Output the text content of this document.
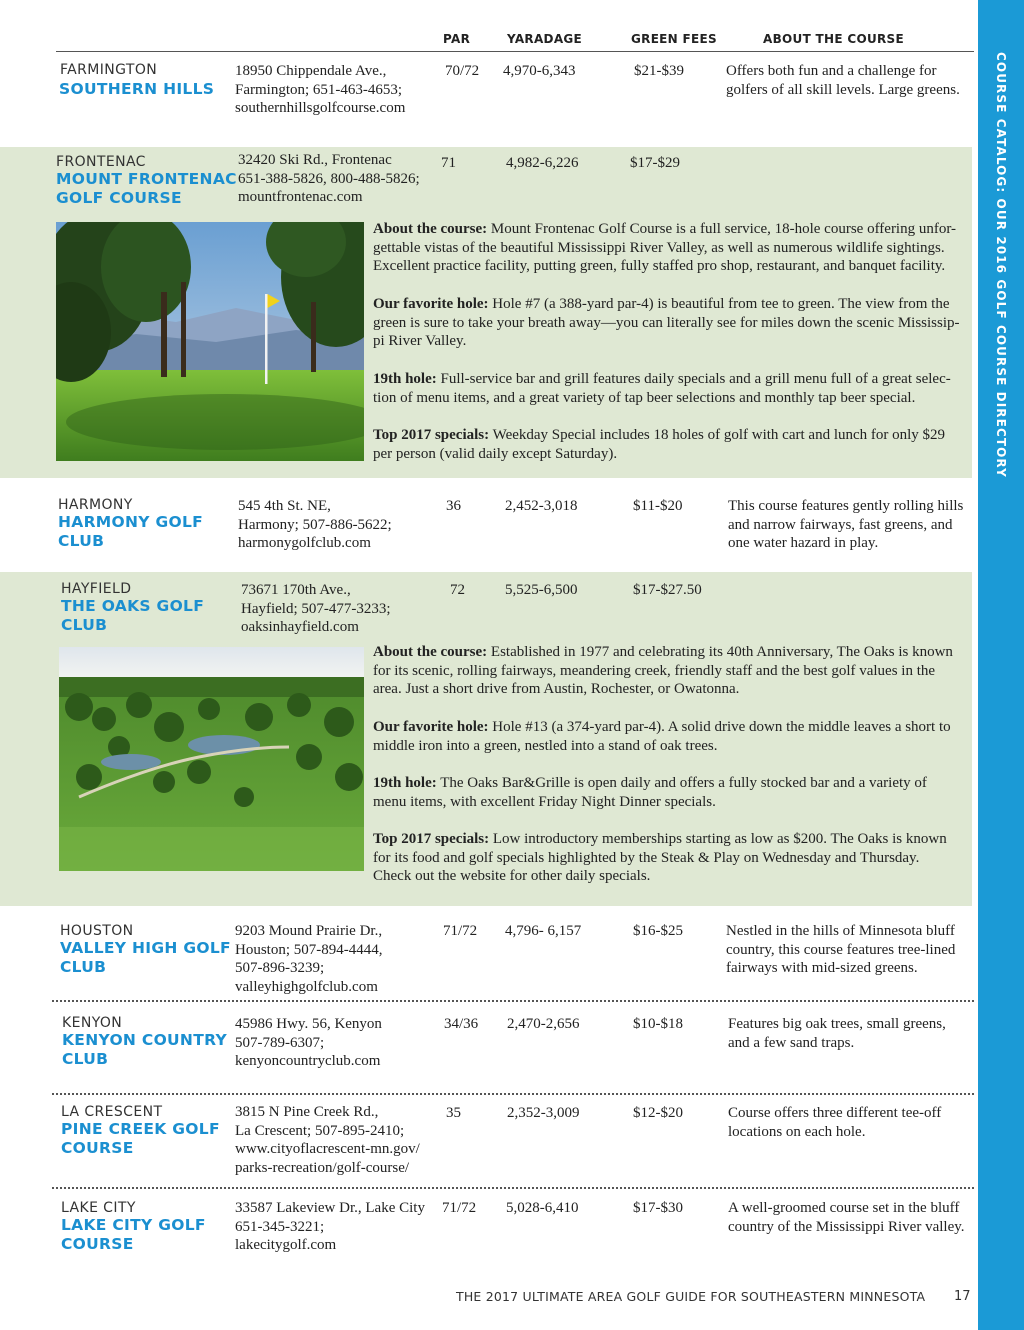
COURSE CATALOG: OUR 2016 GOLF COURSE DIRECTORY
PAR	YARADAGE	GREEN FEES	ABOUT THE COURSE
FARMINGTON
SOUTHERN HILLS
18950 Chippendale Ave.,
Farmington; 651-463-4653;
southernhillsgolfcourse.com
70/72 4,970-6,343	$21-$39	Offers both fun and a challenge for
golfers of all skill levels. Large greens.
FRONTENAC
MOUNT FRONTENAC
GOLF COURSE
32420 Ski Rd., Frontenac
651-388-5826, 800-488-5826;
mountfrontenac.com
71	4,982-6,226	$17-$29
About the course: Mount Frontenac Golf Course is a full service, 18-hole course offering unfor-
gettable vistas of the beautiful Mississippi River Valley, as well as numerous wildlife sightings.
Excellent practice facility, putting green, fully staffed pro shop, restaurant, and banquet facility.
Our favorite hole: Hole #7 (a 388-yard par-4) is beautiful from tee to green. The view from the
green is sure to take your breath away—you can literally see for miles down the scenic Mississip-
pi River Valley.
19th hole: Full-service bar and grill features daily specials and a grill menu full of a great selec-
tion of menu items, and a great variety of tap beer selections and monthly tap beer special.
Top 2017 specials: Weekday Special includes 18 holes of golf with cart and lunch for only $29
per person (valid daily except Saturday).
HARMONY
HARMONY GOLF
CLUB
545 4th St. NE,
Harmony; 507-886-5622;
harmonygolfclub.com
36	2,452-3,018	$11-$20	This course features gently rolling hills
and narrow fairways, fast greens, and
one water hazard in play.
HAYFIELD
THE OAKS GOLF
CLUB
73671 170th Ave.,
Hayfield; 507-477-3233;
oaksinhayfield.com
72	5,525-6,500	$17-$27.50
About the course: Established in 1977 and celebrating its 40th Anniversary, The Oaks is known
for its scenic, rolling fairways, meandering creek, friendly staff and the best golf values in the
area. Just a short drive from Austin, Rochester, or Owatonna.
Our favorite hole: Hole #13 (a 374-yard par-4). A solid drive down the middle leaves a short to
middle iron into a green, nestled into a stand of oak trees.
19th hole: The Oaks Bar&Grille is open daily and offers a fully stocked bar and a variety of
menu items, with excellent Friday Night Dinner specials.
Top 2017 specials: Low introductory memberships starting as low as $200. The Oaks is known
for its food and golf specials highlighted by the Steak & Play on Wednesday and Thursday.
Check out the website for other daily specials.
HOUSTON
VALLEY HIGH GOLF
CLUB
9203 Mound Prairie Dr.,
Houston; 507-894-4444,
507-896-3239;
valleyhighgolfclub.com
71/72 4,796- 6,157	$16-$25	Nestled in the hills of Minnesota bluff
country, this course features tree-lined
fairways with mid-sized greens.
KENYON
KENYON COUNTRY
CLUB
45986 Hwy. 56, Kenyon
507-789-6307;
kenyoncountryclub.com
34/36 2,470-2,656	$10-$18	Features big oak trees, small greens,
and a few sand traps.
LA CRESCENT
PINE CREEK GOLF
COURSE
3815 N Pine Creek Rd.,
La Crescent; 507-895-2410;
www.cityoflacrescent-mn.gov/
parks-recreation/golf-course/
35	2,352-3,009	$12-$20	Course offers three different tee-off
locations on each hole.
LAKE CITY
LAKE CITY GOLF
COURSE
33587 Lakeview Dr., Lake City
651-345-3221;
lakecitygolf.com
71/72 5,028-6,410	$17-$30	A well-groomed course set in the bluff
country of the Mississippi River valley.
THE 2017 ULTIMATE AREA GOLF GUIDE FOR SOUTHEASTERN MINNESOTA 17
